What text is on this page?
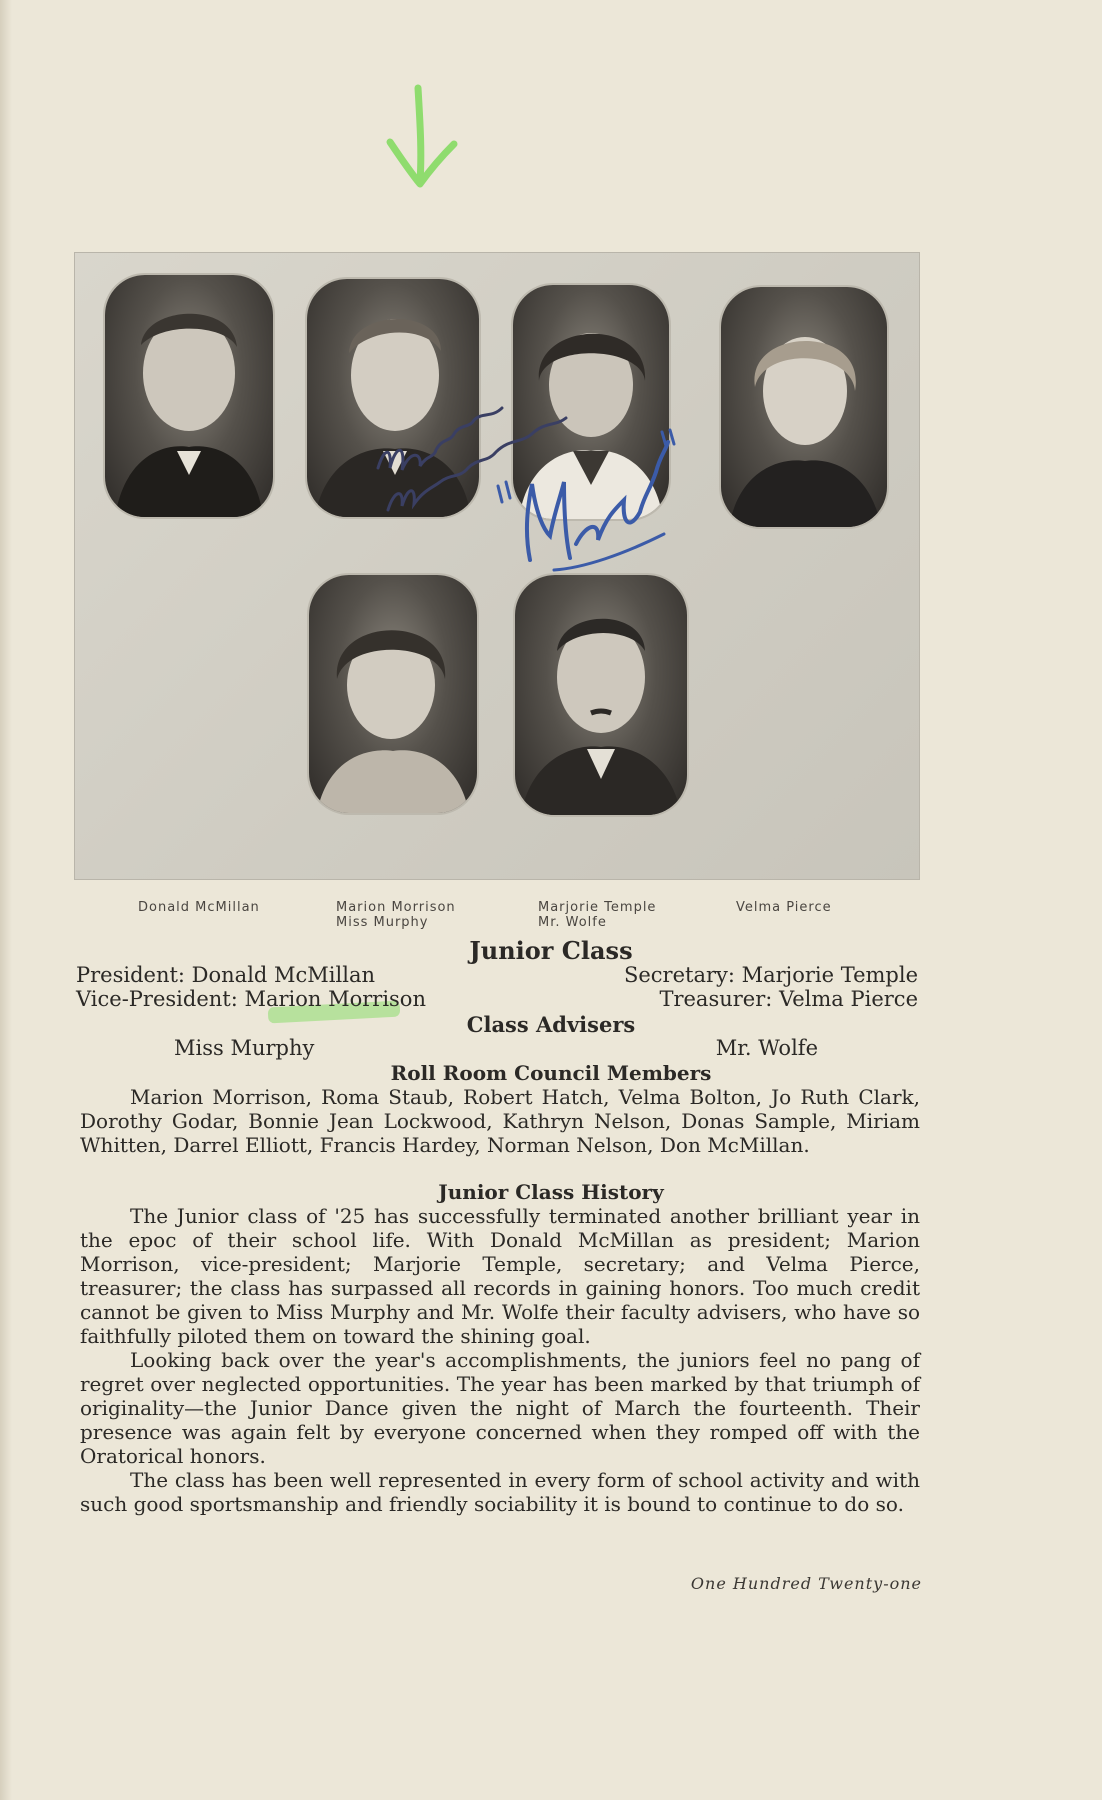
Donald McMillan	Marion Morrison
Miss Murphy
Marjorie Temple
Mr. Wolfe
Velma Pierce
Junior Class
President: Donald McMillan	Secretary: Marjorie Temple
Vice-President: Marion Morrison	Treasurer: Velma Pierce
Class Advisers
Miss Murphy	Mr. Wolfe
Roll Room Council Members

Marion Morrison, Roma Staub, Robert Hatch, Velma Bolton, Jo Ruth Clark, Dorothy Godar, Bonnie Jean Lockwood, Kathryn Nelson, Donas Sample, Miriam Whitten, Darrel Elliott, Francis Hardey, Norman Nelson, Don McMillan.

Junior Class History

The Junior class of '25 has successfully terminated another brilliant year in the epoc of their school life. With Donald McMillan as president; Marion Morrison, vice-president; Marjorie Temple, secretary; and Velma Pierce, treasurer; the class has surpassed all records in gaining honors. Too much credit cannot be given to Miss Murphy and Mr. Wolfe their faculty advisers, who have so faithfully piloted them on toward the shining goal.

Looking back over the year's accomplishments, the juniors feel no pang of regret over neglected opportunities. The year has been marked by that triumph of originality—the Junior Dance given the night of March the fourteenth. Their presence was again felt by everyone concerned when they romped off with the Oratorical honors.

The class has been well represented in every form of school activity and with such good sportsmanship and friendly sociability it is bound to continue to do so.

One Hundred Twenty-one
